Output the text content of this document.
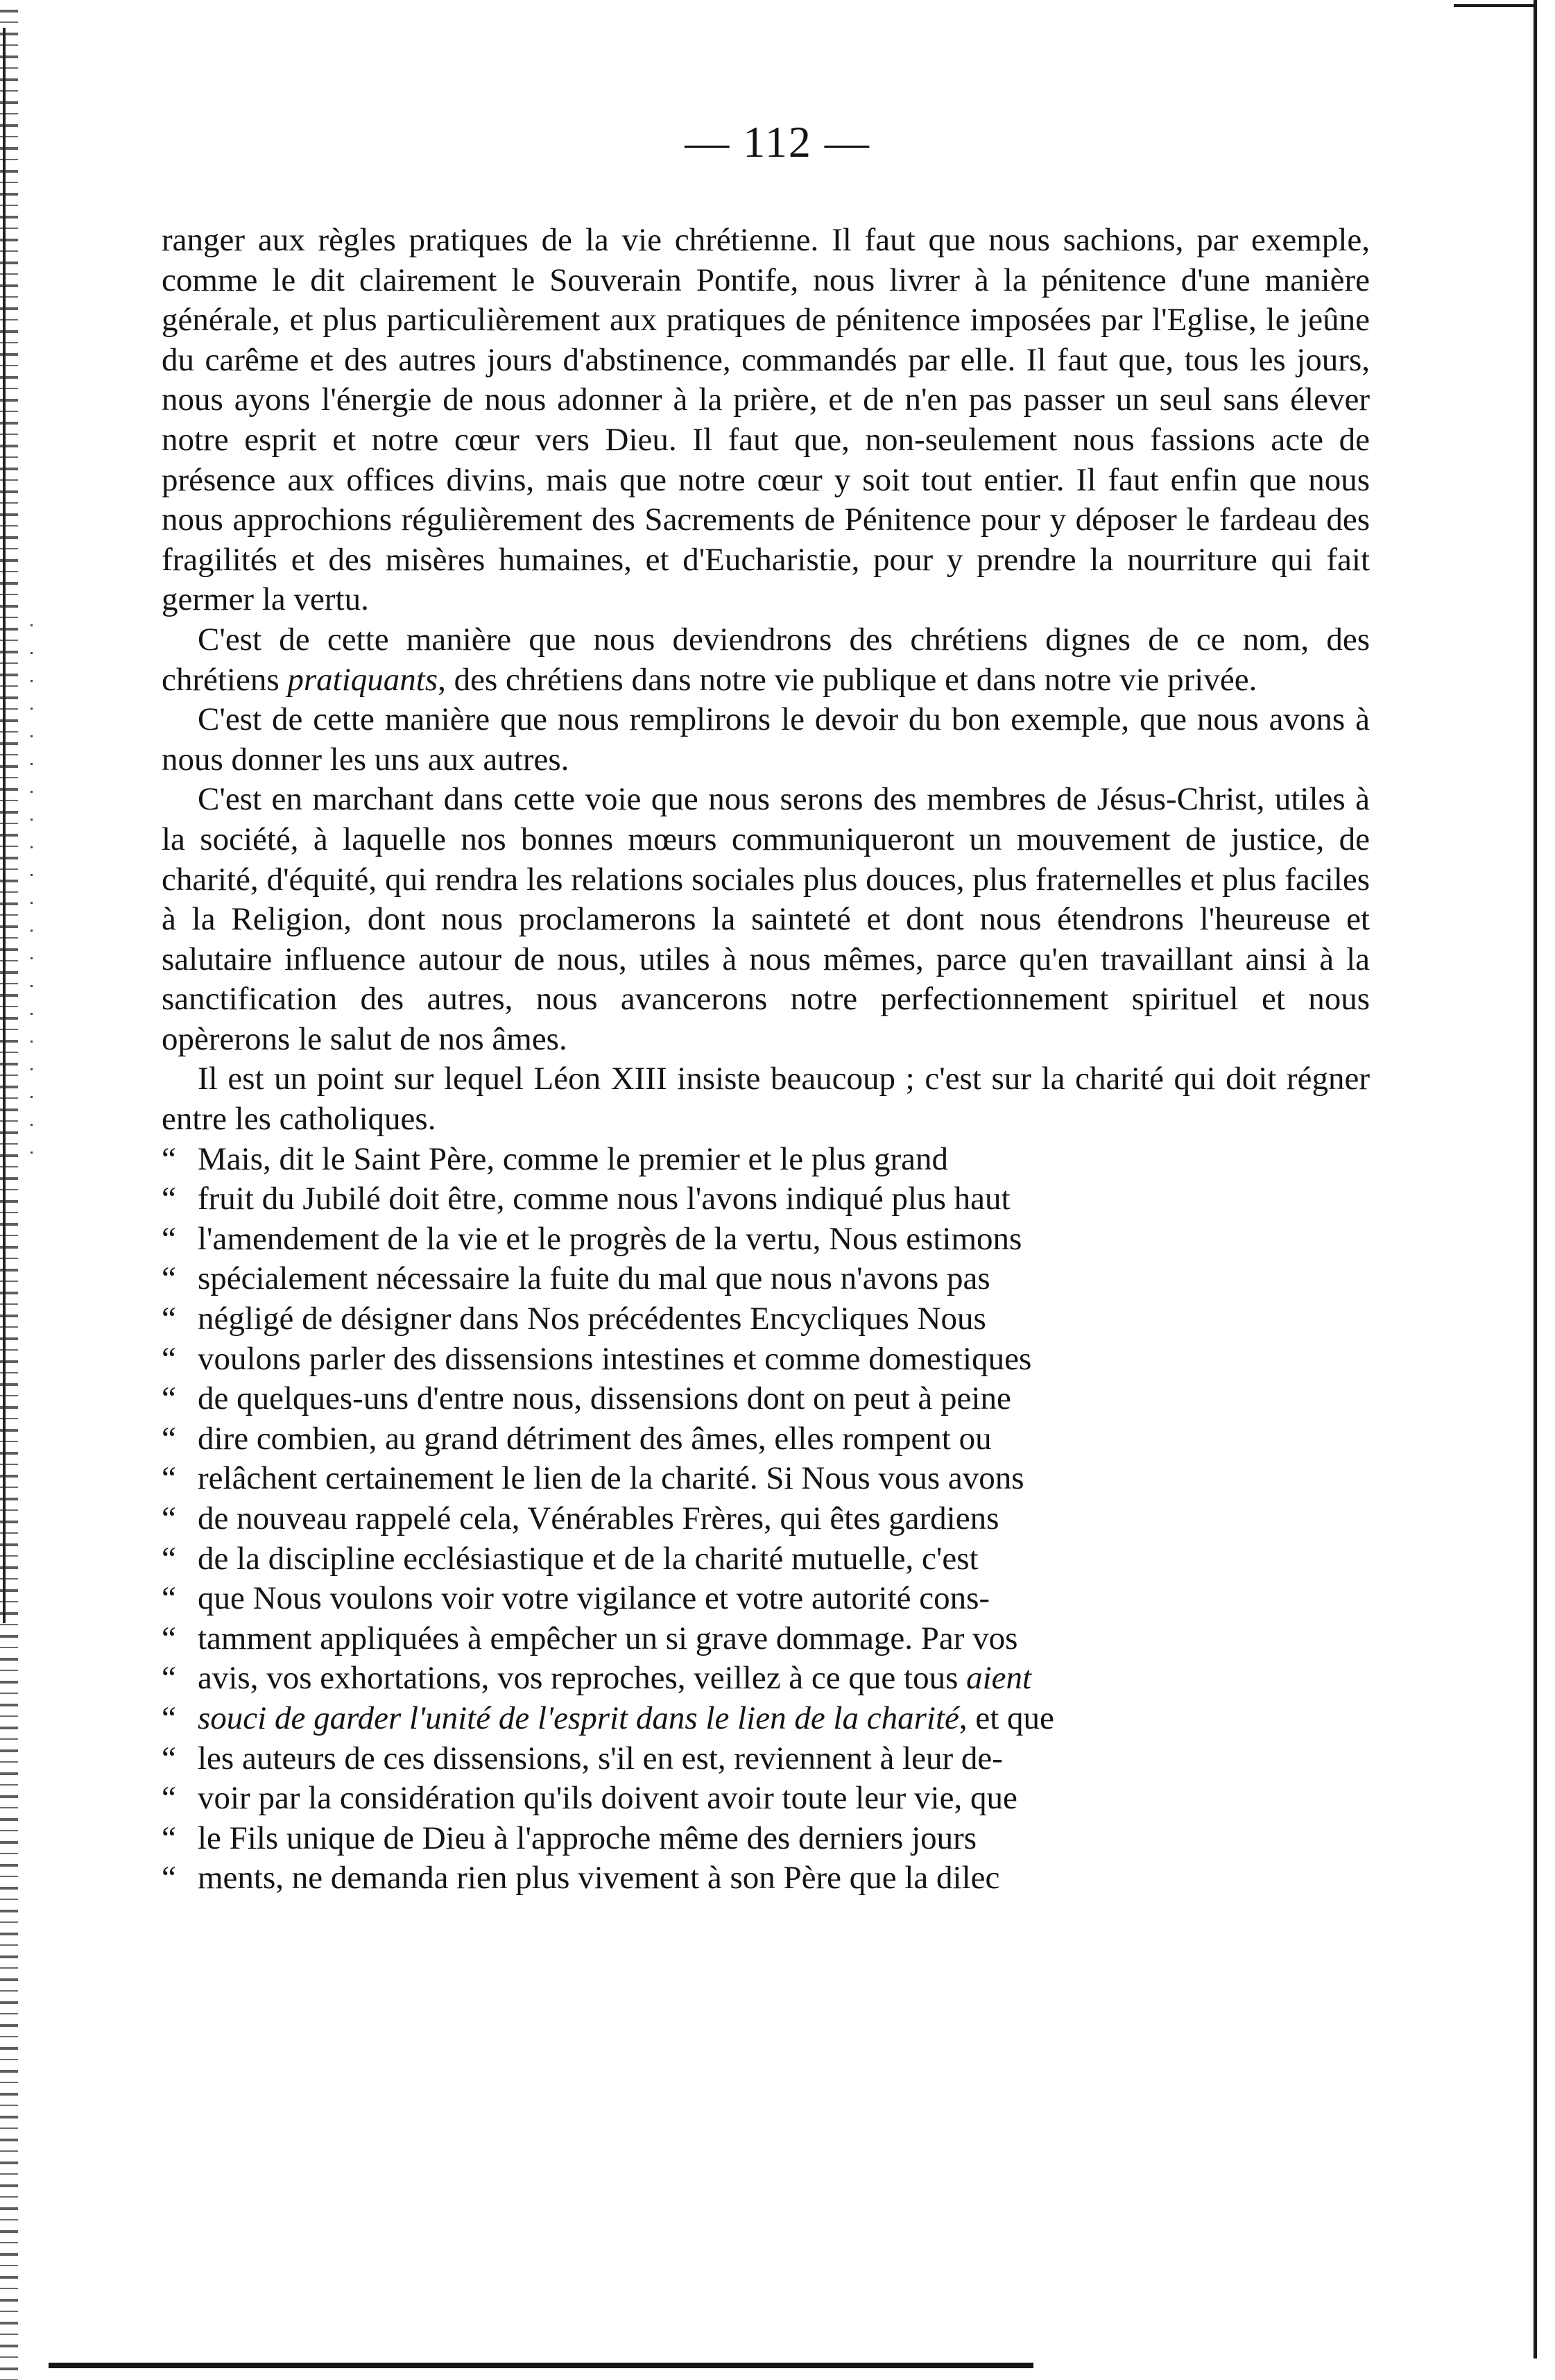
— 112 —

ranger aux règles pratiques de la vie chrétienne. Il faut que nous sachions, par exemple, comme le dit clairement le Souverain Pontife, nous livrer à la pénitence d'une manière générale, et plus particulièrement aux pratiques de pénitence imposées par l'Eglise, le jeûne du carême et des autres jours d'abstinence, commandés par elle. Il faut que, tous les jours, nous ayons l'énergie de nous adonner à la prière, et de n'en pas passer un seul sans élever notre esprit et notre cœur vers Dieu. Il faut que, non-seulement nous fassions acte de présence aux offices divins, mais que notre cœur y soit tout entier. Il faut enfin que nous nous approchions régulièrement des Sacrements de Pénitence pour y déposer le fardeau des fragilités et des misères humaines, et d'Eucharistie, pour y prendre la nourriture qui fait germer la vertu.

C'est de cette manière que nous deviendrons des chrétiens dignes de ce nom, des chrétiens pratiquants, des chrétiens dans notre vie publique et dans notre vie privée.

C'est de cette manière que nous remplirons le devoir du bon exemple, que nous avons à nous donner les uns aux autres.

C'est en marchant dans cette voie que nous serons des membres de Jésus-Christ, utiles à la société, à laquelle nos bonnes mœurs communiqueront un mouvement de justice, de charité, d'équité, qui rendra les relations sociales plus douces, plus fraternelles et plus faciles à la Religion, dont nous proclamerons la sainteté et dont nous étendrons l'heureuse et salutaire influence autour de nous, utiles à nous mêmes, parce qu'en travaillant ainsi à la sanctification des autres, nous avancerons notre perfectionnement spirituel et nous opèrerons le salut de nos âmes.

Il est un point sur lequel Léon XIII insiste beaucoup ; c'est sur la charité qui doit régner entre les catholiques.

“ Mais, dit le Saint Père, comme le premier et le plus grand
“ fruit du Jubilé doit être, comme nous l'avons indiqué plus haut
“ l'amendement de la vie et le progrès de la vertu, Nous estimons
“ spécialement nécessaire la fuite du mal que nous n'avons pas
“ négligé de désigner dans Nos précédentes Encycliques Nous
“ voulons parler des dissensions intestines et comme domestiques
“ de quelques-uns d'entre nous, dissensions dont on peut à peine
“ dire combien, au grand détriment des âmes, elles rompent ou
“ relâchent certainement le lien de la charité. Si Nous vous avons
“ de nouveau rappelé cela, Vénérables Frères, qui êtes gardiens
“ de la discipline ecclésiastique et de la charité mutuelle, c'est
“ que Nous voulons voir votre vigilance et votre autorité cons-
“ tamment appliquées à empêcher un si grave dommage. Par vos
“ avis, vos exhortations, vos reproches, veillez à ce que tous aient
“ souci de garder l'unité de l'esprit dans le lien de la charité, et que
“ les auteurs de ces dissensions, s'il en est, reviennent à leur de-
“ voir par la considération qu'ils doivent avoir toute leur vie, que
“ le Fils unique de Dieu à l'approche même des derniers jours
“ ments, ne demanda rien plus vivement à son Père que la dilec
